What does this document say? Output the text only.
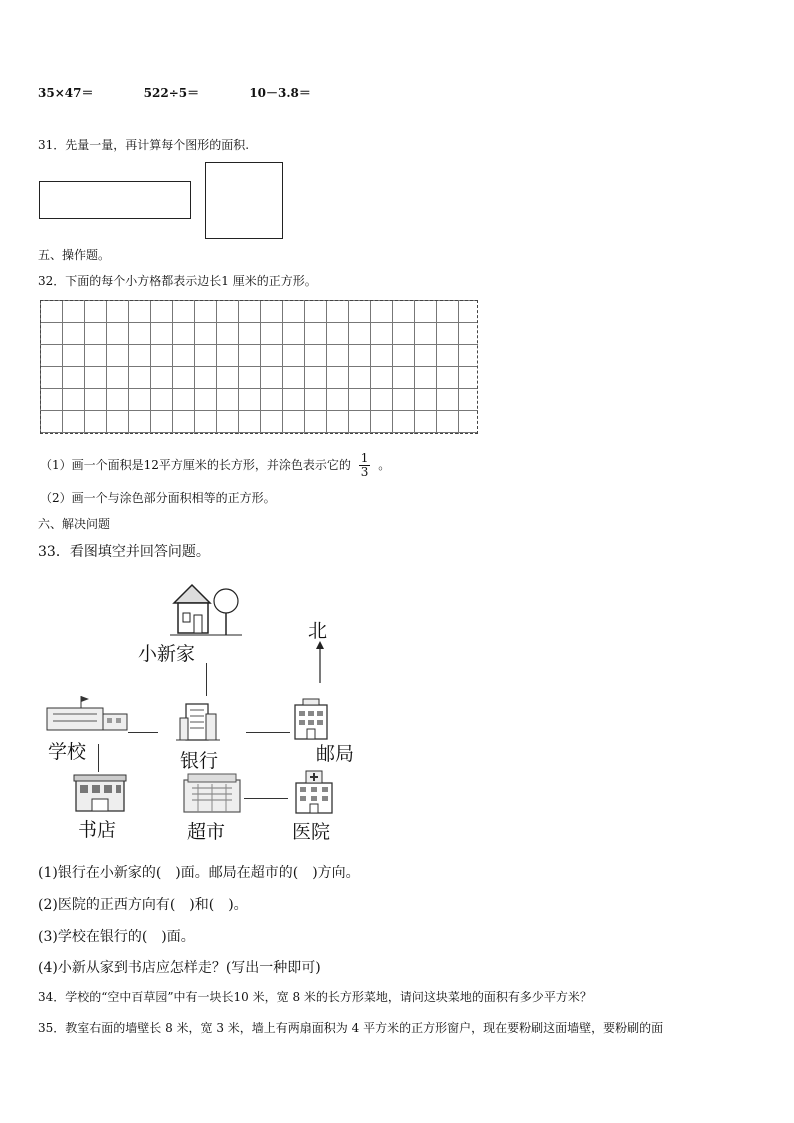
35×47＝	522÷5＝	10－3.8＝
31．先量一量，再计算每个图形的面积.
五、操作题。
32．下面的每个小方格都表示边长1 厘米的正方形。
（1）画一个面积是12平方厘米的长方形，并涂色表示它的 $\frac{1}{3}$ 。
（2）画一个与涂色部分面积相等的正方形。
六、解决问题
33．看图填空并回答问题。
北
小新家
学校	银行	邮局
书店	超市	医院
(1)银行在小新家的(　)面。邮局在超市的(　)方向。
(2)医院的正西方向有(　)和(　)。
(3)学校在银行的(　)面。
(4)小新从家到书店应怎样走？(写出一种即可)
34．学校的“空中百草园”中有一块长10 米，宽 8 米的长方形菜地，请问这块菜地的面积有多少平方米？
35．教室右面的墙壁长 8 米，宽 3 米，墙上有两扇面积为 4 平方米的正方形窗户，现在要粉刷这面墙壁，要粉刷的面
